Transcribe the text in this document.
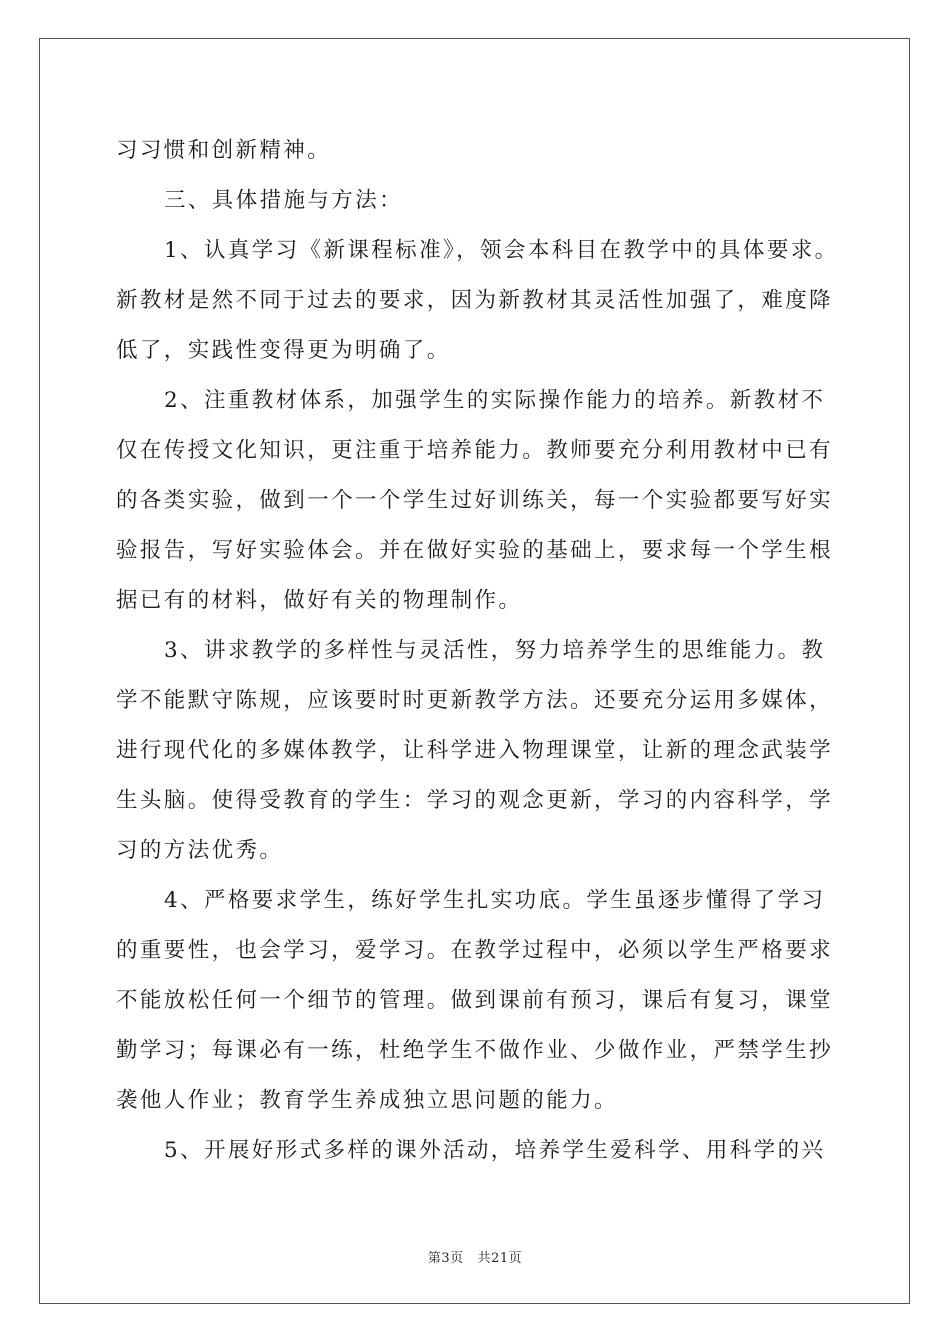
习习惯和创新精神。

三、具体措施与方法：

1、认真学习《新课程标准》，领会本科目在教学中的具体要求。
新教材是然不同于过去的要求，因为新教材其灵活性加强了，难度降
低了，实践性变得更为明确了。

2、注重教材体系，加强学生的实际操作能力的培养。新教材不
仅在传授文化知识，更注重于培养能力。教师要充分利用教材中已有
的各类实验，做到一个一个学生过好训练关，每一个实验都要写好实
验报告，写好实验体会。并在做好实验的基础上，要求每一个学生根
据已有的材料，做好有关的物理制作。

3、讲求教学的多样性与灵活性，努力培养学生的思维能力。教
学不能默守陈规，应该要时时更新教学方法。还要充分运用多媒体，
进行现代化的多媒体教学，让科学进入物理课堂，让新的理念武装学
生头脑。使得受教育的学生：学习的观念更新，学习的内容科学，学
习的方法优秀。

4、严格要求学生，练好学生扎实功底。学生虽逐步懂得了学习
的重要性，也会学习，爱学习。在教学过程中，必须以学生严格要求
不能放松任何一个细节的管理。做到课前有预习，课后有复习，课堂
勤学习；每课必有一练，杜绝学生不做作业、少做作业，严禁学生抄
袭他人作业；教育学生养成独立思问题的能力。

5、开展好形式多样的课外活动，培养学生爱科学、用科学的兴

第3页 共21页
